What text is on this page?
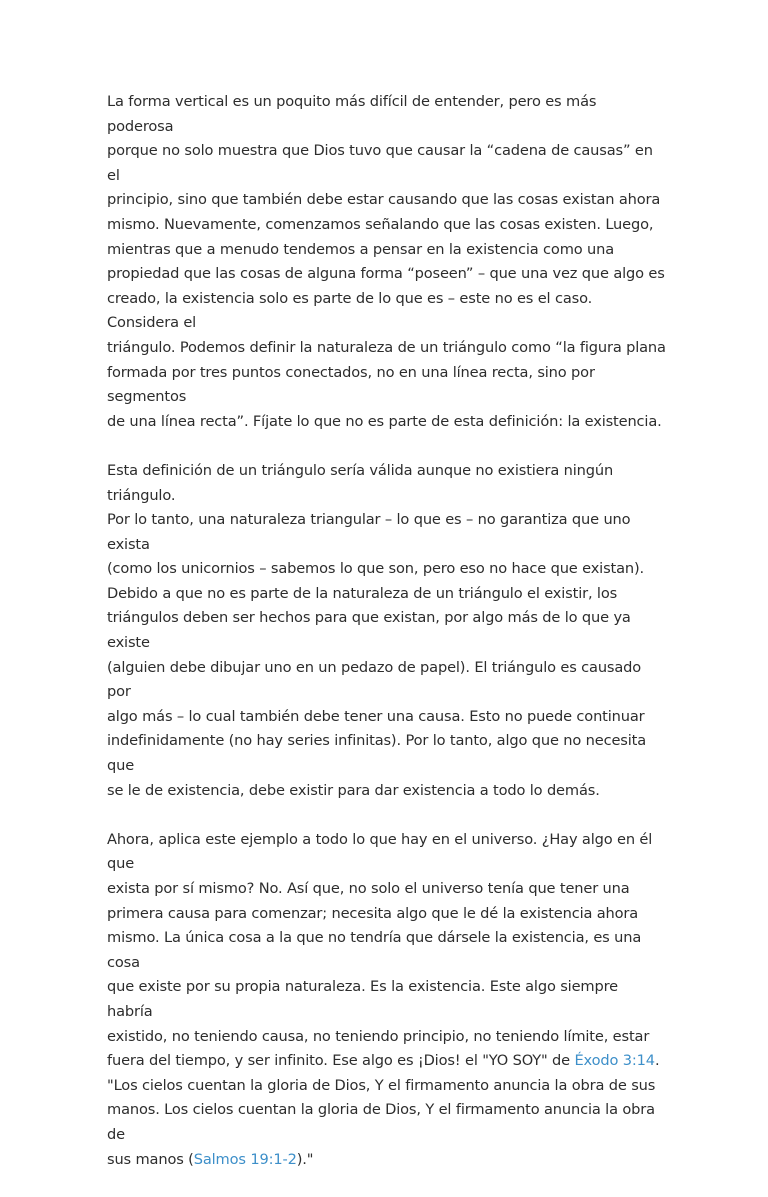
La forma vertical es un poquito más difícil de entender, pero es más poderosa
porque no solo muestra que Dios tuvo que causar la “cadena de causas” en el
principio, sino que también debe estar causando que las cosas existan ahora
mismo. Nuevamente, comenzamos señalando que las cosas existen. Luego,
mientras que a menudo tendemos a pensar en la existencia como una
propiedad que las cosas de alguna forma “poseen” – que una vez que algo es
creado, la existencia solo es parte de lo que es – este no es el caso. Considera el
triángulo. Podemos definir la naturaleza de un triángulo como “la figura plana
formada por tres puntos conectados, no en una línea recta, sino por segmentos
de una línea recta”. Fíjate lo que no es parte de esta definición: la existencia.

Esta definición de un triángulo sería válida aunque no existiera ningún triángulo.
Por lo tanto, una naturaleza triangular – lo que es – no garantiza que uno exista
(como los unicornios – sabemos lo que son, pero eso no hace que existan).
Debido a que no es parte de la naturaleza de un triángulo el existir, los
triángulos deben ser hechos para que existan, por algo más de lo que ya existe
(alguien debe dibujar uno en un pedazo de papel). El triángulo es causado por
algo más – lo cual también debe tener una causa. Esto no puede continuar
indefinidamente (no hay series infinitas). Por lo tanto, algo que no necesita que
se le de existencia, debe existir para dar existencia a todo lo demás.

Ahora, aplica este ejemplo a todo lo que hay en el universo. ¿Hay algo en él que
exista por sí mismo? No. Así que, no solo el universo tenía que tener una
primera causa para comenzar; necesita algo que le dé la existencia ahora
mismo. La única cosa a la que no tendría que dársele la existencia, es una cosa
que existe por su propia naturaleza. Es la existencia. Este algo siempre habría
existido, no teniendo causa, no teniendo principio, no teniendo límite, estar
fuera del tiempo, y ser infinito. Ese algo es ¡Dios! el "YO SOY" de Éxodo 3:14.
"Los cielos cuentan la gloria de Dios, Y el firmamento anuncia la obra de sus
manos. Los cielos cuentan la gloria de Dios, Y el firmamento anuncia la obra de
sus manos (Salmos 19:1-2)."
